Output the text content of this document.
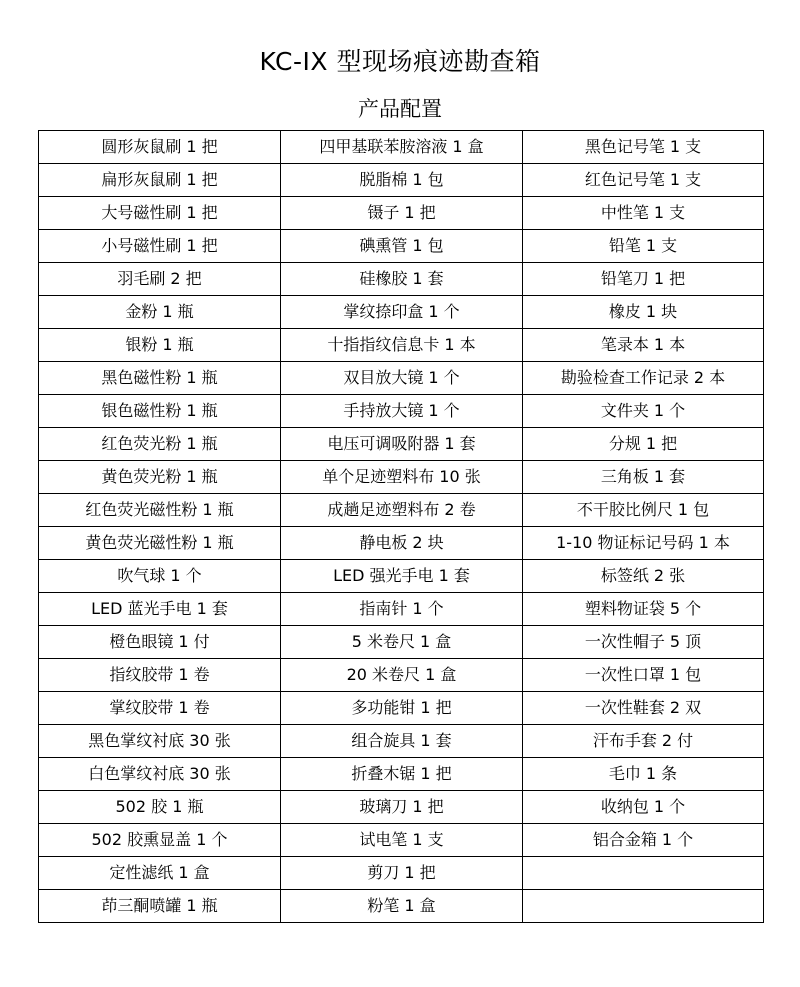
KC-IX 型现场痕迹勘查箱
产品配置
圆形灰鼠刷 1 把	四甲基联苯胺溶液 1 盒	黑色记号笔 1 支
扁形灰鼠刷 1 把	脱脂棉 1 包	红色记号笔 1 支
大号磁性刷 1 把	镊子 1 把	中性笔 1 支
小号磁性刷 1 把	碘熏管 1 包	铅笔 1 支
羽毛刷 2 把	硅橡胶 1 套	铅笔刀 1 把
金粉 1 瓶	掌纹捺印盒 1 个	橡皮 1 块
银粉 1 瓶	十指指纹信息卡 1 本	笔录本 1 本
黑色磁性粉 1 瓶	双目放大镜 1 个	勘验检查工作记录 2 本
银色磁性粉 1 瓶	手持放大镜 1 个	文件夹 1 个
红色荧光粉 1 瓶	电压可调吸附器 1 套	分规 1 把
黄色荧光粉 1 瓶	单个足迹塑料布 10 张	三角板 1 套
红色荧光磁性粉 1 瓶	成趟足迹塑料布 2 卷	不干胶比例尺 1 包
黄色荧光磁性粉 1 瓶	静电板 2 块	1-10 物证标记号码 1 本
吹气球 1 个	LED 强光手电 1 套	标签纸 2 张
LED 蓝光手电 1 套	指南针 1 个	塑料物证袋 5 个
橙色眼镜 1 付	5 米卷尺 1 盒	一次性帽子 5 顶
指纹胶带 1 卷	20 米卷尺 1 盒	一次性口罩 1 包
掌纹胶带 1 卷	多功能钳 1 把	一次性鞋套 2 双
黑色掌纹衬底 30 张	组合旋具 1 套	汗布手套 2 付
白色掌纹衬底 30 张	折叠木锯 1 把	毛巾 1 条
502 胶 1 瓶	玻璃刀 1 把	收纳包 1 个
502 胶熏显盖 1 个	试电笔 1 支	铝合金箱 1 个
定性滤纸 1 盒	剪刀 1 把	
茚三酮喷罐 1 瓶	粉笔 1 盒	
